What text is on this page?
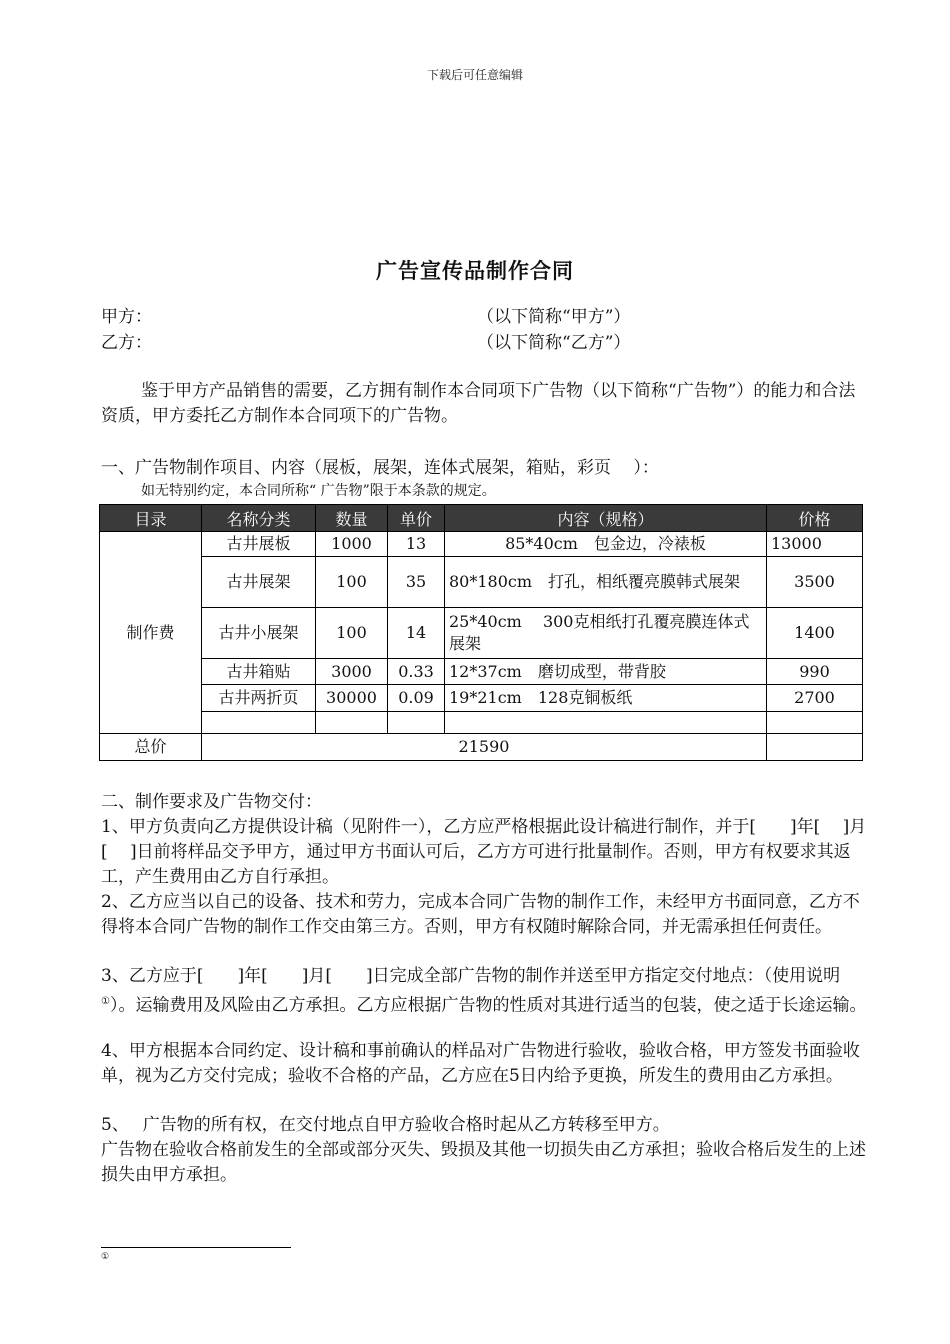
下载后可任意编辑
广告宣传品制作合同
甲方：	（以下简称“甲方”）
乙方：	（以下简称“乙方”）
鉴于甲方产品销售的需要，乙方拥有制作本合同项下广告物（以下简称“广告物”）的能力和合法资质，甲方委托乙方制作本合同项下的广告物。
一、广告物制作项目、内容（展板，展架，连体式展架，箱贴，彩页　 ）：
如无特别约定，本合同所称“ 广告物”限于本条款的规定。
目录	名称分类	数量	单价	内容（规格）	价格
制作费	古井展板	1000	13	85*40cm　包金边，冷裱板	13000
	古井展架	100	35	80*180cm　打孔，相纸覆亮膜韩式展架	3500
	古井小展架	100	14	25*40cm　 300克相纸打孔覆亮膜连体式展架	1400
	古井箱贴	3000	0.33	12*37cm　磨切成型，带背胶	990
	古井两折页	30000	0.09	19*21cm　128克铜板纸	2700

总价	21590				
二、制作要求及广告物交付：
1、甲方负责向乙方提供设计稿（见附件一），乙方应严格根据此设计稿进行制作，并于[　　]年[　 ]月[　 ]日前将样品交予甲方，通过甲方书面认可后，乙方方可进行批量制作。否则，甲方有权要求其返工，产生费用由乙方自行承担。
2、乙方应当以自己的设备、技术和劳力，完成本合同广告物的制作工作，未经甲方书面同意，乙方不得将本合同广告物的制作工作交由第三方。否则，甲方有权随时解除合同，并无需承担任何责任。
3、乙方应于[　　]年[　　]月[　　]日完成全部广告物的制作并送至甲方指定交付地点：（使用说明①）。运输费用及风险由乙方承担。乙方应根据广告物的性质对其进行适当的包装，使之适于长途运输。
4、甲方根据本合同约定、设计稿和事前确认的样品对广告物进行验收，验收合格，甲方签发书面验收单，视为乙方交付完成；验收不合格的产品，乙方应在5日内给予更换，所发生的费用由乙方承担。
5、　 广告物的所有权，在交付地点自甲方验收合格时起从乙方转移至甲方。
广告物在验收合格前发生的全部或部分灭失、毁损及其他一切损失由乙方承担；验收合格后发生的上述损失由甲方承担。
①
